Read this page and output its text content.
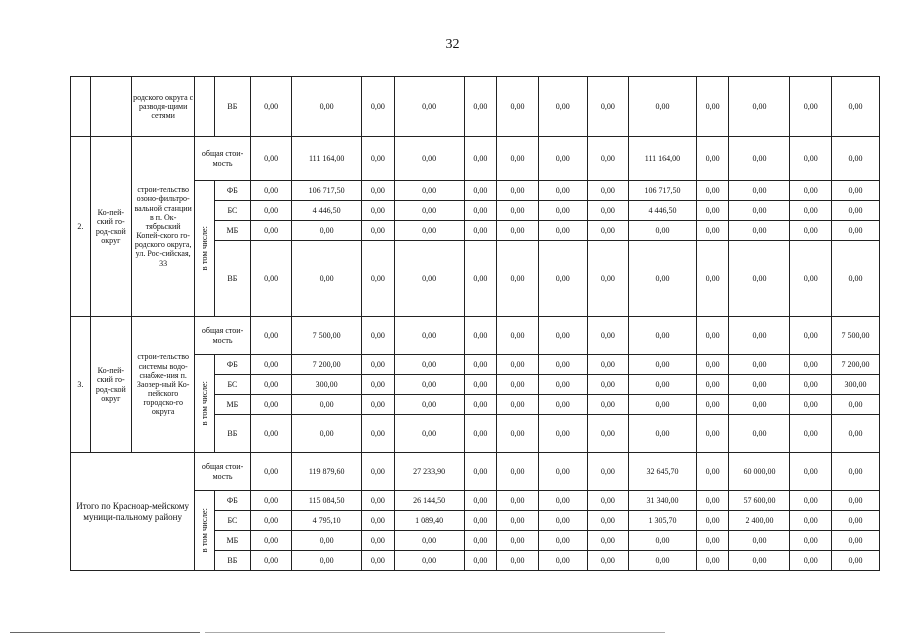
32
		родского округа с разводя-щими сетями		ВБ	0,00	0,00	0,00	0,00	0,00	0,00	0,00	0,00	0,00	0,00	0,00	0,00	0,00
2.	Ко-пей-ский го-род-ской округ	строи-тельство озоно-фильтро-вальной станции в п. Ок-тябрьский Копей-ского го-родского округа, ул. Рос-сийская, 33	общая стои-мость		0,00	111 164,00	0,00	0,00	0,00	0,00	0,00	0,00	111 164,00	0,00	0,00	0,00	0,00

			в том числе:	ФБ	0,00	106 717,50	0,00	0,00	0,00	0,00	0,00	0,00	106 717,50	0,00	0,00	0,00	0,00
				БС	0,00	4 446,50	0,00	0,00	0,00	0,00	0,00	0,00	4 446,50	0,00	0,00	0,00	0,00
				МБ	0,00	0,00	0,00	0,00	0,00	0,00	0,00	0,00	0,00	0,00	0,00	0,00	0,00
				ВБ	0,00	0,00	0,00	0,00	0,00	0,00	0,00	0,00	0,00	0,00	0,00	0,00	0,00
3.	Ко-пей-ский го-род-ской округ	строи-тельство системы водо-снабже-ния п. Заозер-ный Ко-пейского городско-го округа	общая стои-мость		0,00	7 500,00	0,00	0,00	0,00	0,00	0,00	0,00	0,00	0,00	0,00	0,00	7 500,00

			в том числе:	ФБ	0,00	7 200,00	0,00	0,00	0,00	0,00	0,00	0,00	0,00	0,00	0,00	0,00	7 200,00
				БС	0,00	300,00	0,00	0,00	0,00	0,00	0,00	0,00	0,00	0,00	0,00	0,00	300,00
				МБ	0,00	0,00	0,00	0,00	0,00	0,00	0,00	0,00	0,00	0,00	0,00	0,00	0,00
				ВБ	0,00	0,00	0,00	0,00	0,00	0,00	0,00	0,00	0,00	0,00	0,00	0,00	0,00
Итого по Красноар-мейскому муници-пальному району			общая стои-мость		0,00	119 879,60	0,00	27 233,90	0,00	0,00	0,00	0,00	32 645,70	0,00	60 000,00	0,00	0,00

			в том числе:	ФБ	0,00	115 084,50	0,00	26 144,50	0,00	0,00	0,00	0,00	31 340,00	0,00	57 600,00	0,00	0,00
				БС	0,00	4 795,10	0,00	1 089,40	0,00	0,00	0,00	0,00	1 305,70	0,00	2 400,00	0,00	0,00
				МБ	0,00	0,00	0,00	0,00	0,00	0,00	0,00	0,00	0,00	0,00	0,00	0,00	0,00
				ВБ	0,00	0,00	0,00	0,00	0,00	0,00	0,00	0,00	0,00	0,00	0,00	0,00	0,00
